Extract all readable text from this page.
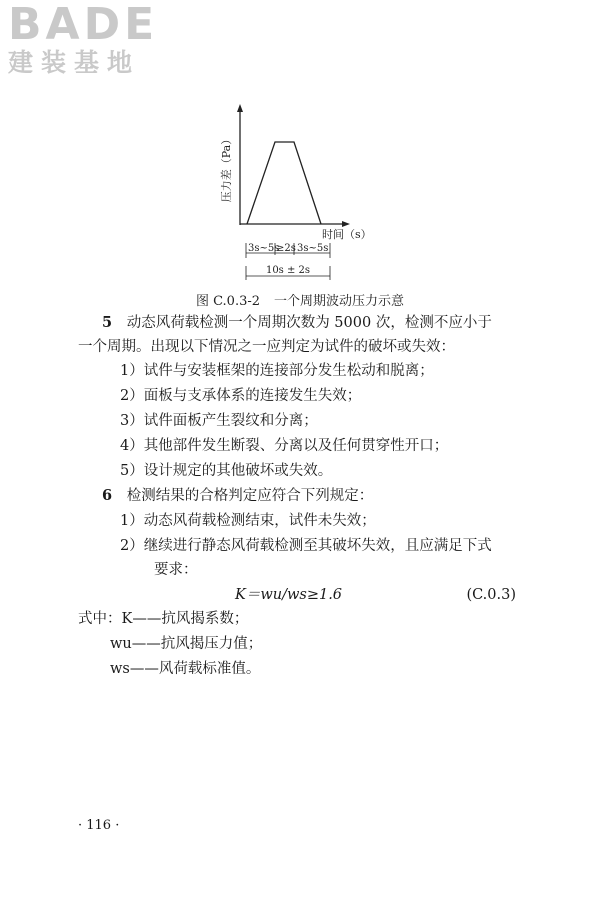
BADE
建装基地
压力差（Pa）
时间（s）
3s~5s
≥2s 3s~5s
10s ± 2s
图 C.0.3-2 一个周期波动压力示意
5 动态风荷载检测一个周期次数为 5000 次，检测不应小于
一个周期。出现以下情况之一应判定为试件的破坏或失效：
1）试件与安装框架的连接部分发生松动和脱离；
2）面板与支承体系的连接发生失效；
3）试件面板产生裂纹和分离；
4）其他部件发生断裂、分离以及任何贯穿性开口；
5）设计规定的其他破坏或失效。
6 检测结果的合格判定应符合下列规定：
1）动态风荷载检测结束，试件未失效；
2）继续进行静态风荷载检测至其破坏失效，且应满足下式
要求：
K＝wu/ws≥1.6	(C.0.3)
式中：K——抗风揭系数；
wu——抗风揭压力值；
ws——风荷载标准值。
· 116 ·
